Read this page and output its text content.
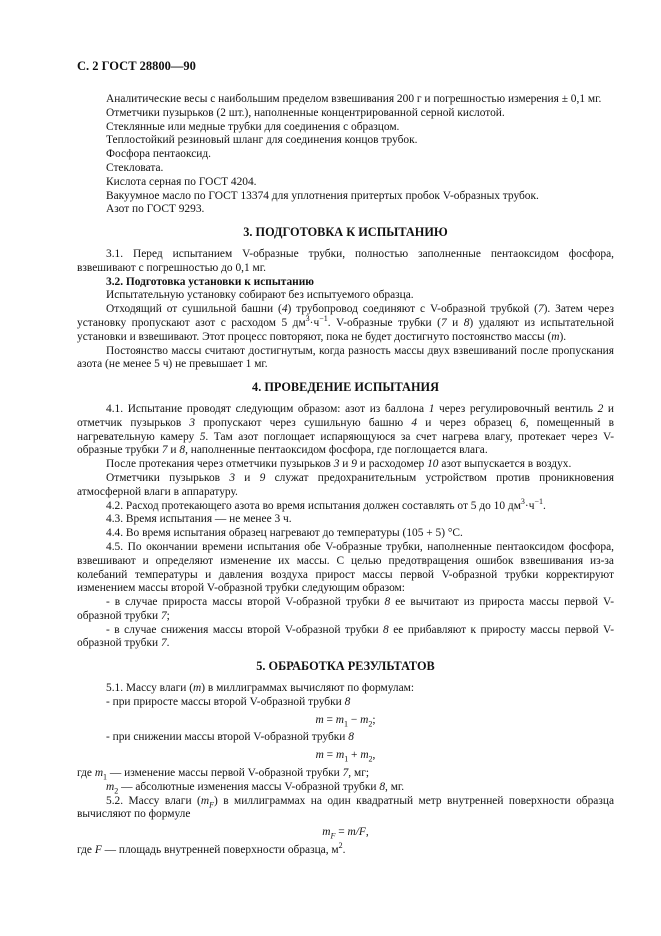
С. 2 ГОСТ 28800—90
Аналитические весы с наибольшим пределом взвешивания 200 г и погрешностью измерения ± 0,1 мг.
Отметчики пузырьков (2 шт.), наполненные концентрированной серной кислотой.
Стеклянные или медные трубки для соединения с образцом.
Теплостойкий резиновый шланг для соединения концов трубок.
Фосфора пентаоксид.
Стекловата.
Кислота серная по ГОСТ 4204.
Вакуумное масло по ГОСТ 13374 для уплотнения притертых пробок V-образных трубок.
Азот по ГОСТ 9293.
3. ПОДГОТОВКА К ИСПЫТАНИЮ
3.1. Перед испытанием V-образные трубки, полностью заполненные пентаоксидом фосфора, взвешивают с погрешностью до 0,1 мг.
3.2. Подготовка установки к испытанию
Испытательную установку собирают без испытуемого образца.
Отходящий от сушильной башни (4) трубопровод соединяют с V-образной трубкой (7). Затем через установку пропускают азот с расходом 5 $дм^3\cdot ч^{-1}$. V-образные трубки (7 и 8) удаляют из испытательной установки и взвешивают. Этот процесс повторяют, пока не будет достигнуто постоянство массы (m).
Постоянство массы считают достигнутым, когда разность массы двух взвешиваний после пропускания азота (не менее 5 ч) не превышает 1 мг.
4. ПРОВЕДЕНИЕ ИСПЫТАНИЯ
4.1. Испытание проводят следующим образом: азот из баллона 1 через регулировочный вентиль 2 и отметчик пузырьков 3 пропускают через сушильную башню 4 и через образец 6, помещенный в нагревательную камеру 5. Там азот поглощает испаряющуюся за счет нагрева влагу, протекает через V-образные трубки 7 и 8, наполненные пентаоксидом фосфора, где поглощается влага.
После протекания через отметчики пузырьков 3 и 9 и расходомер 10 азот выпускается в воздух.
Отметчики пузырьков 3 и 9 служат предохранительным устройством против проникновения атмосферной влаги в аппаратуру.
4.2. Расход протекающего азота во время испытания должен составлять от 5 до 10 $дм^3\cdot ч^{-1}$.
4.3. Время испытания — не менее 3 ч.
4.4. Во время испытания образец нагревают до температуры (105 + 5) °С.
4.5. По окончании времени испытания обе V-образные трубки, наполненные пентаоксидом фосфора, взвешивают и определяют изменение их массы. С целью предотвращения ошибок взвешивания из-за колебаний температуры и давления воздуха прирост массы первой V-образной трубки корректируют изменением массы второй V-образной трубки следующим образом:
- в случае прироста массы второй V-образной трубки 8 ее вычитают из прироста массы первой V-образной трубки 7;
- в случае снижения массы второй V-образной трубки 8 ее прибавляют к приросту массы первой V-образной трубки 7.
5. ОБРАБОТКА РЕЗУЛЬТАТОВ
5.1. Массу влаги (m) в миллиграммах вычисляют по формулам:
- при приросте массы второй V-образной трубки 8
$m = m_1 - m_2$;
- при снижении массы второй V-образной трубки 8
$m = m_1 + m_2$,
где $m_1$ — изменение массы первой V-образной трубки 7, мг;
$m_2$ — абсолютные изменения массы V-образной трубки 8, мг.
5.2. Массу влаги $(m_F)$ в миллиграммах на один квадратный метр внутренней поверхности образца вычисляют по формуле
$m_F = m/F$,
где F — площадь внутренней поверхности образца, $м^2$.
